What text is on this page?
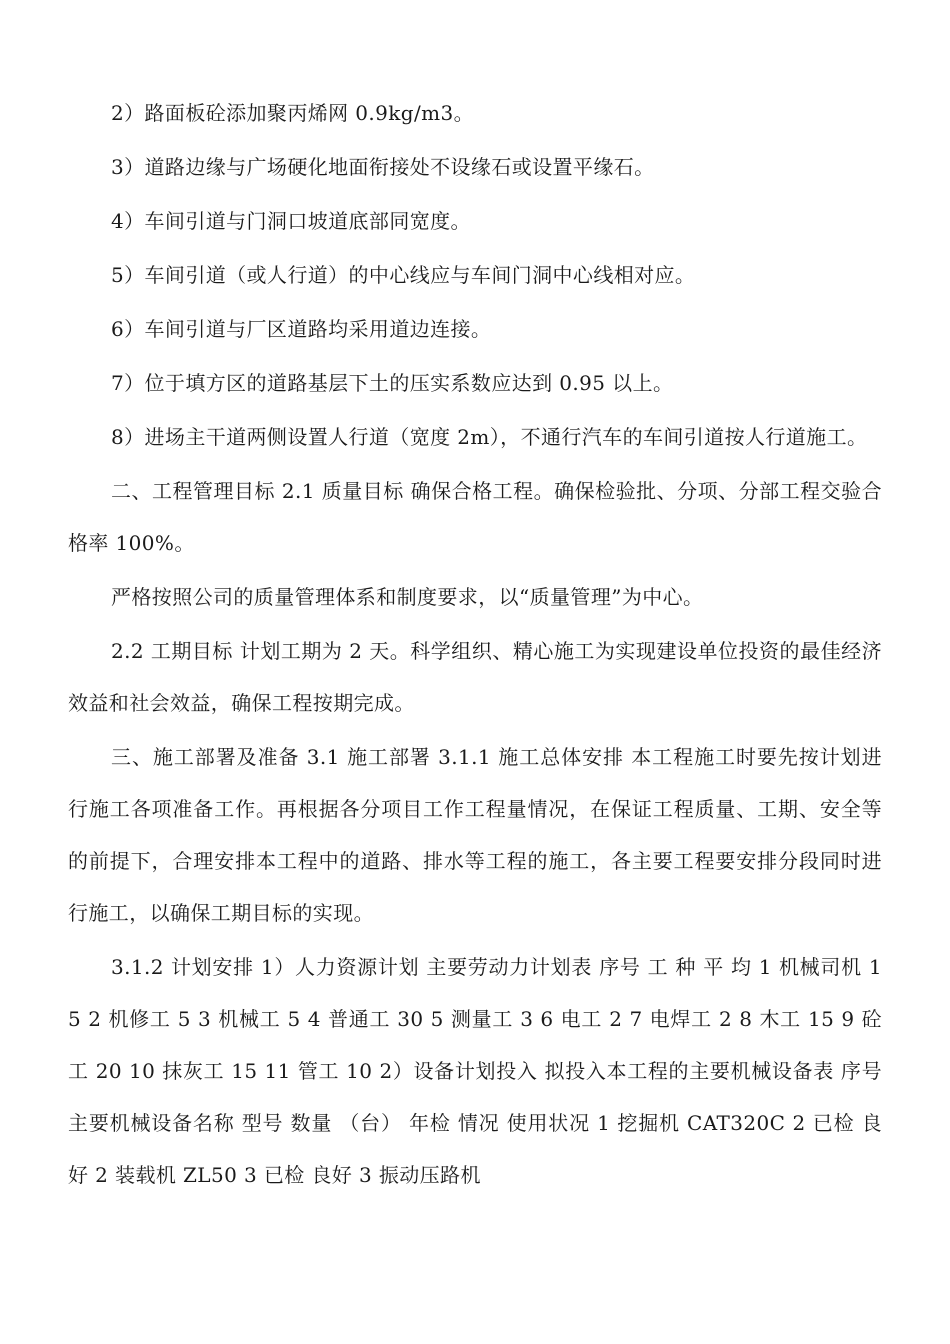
2）路面板砼添加聚丙烯网 0.9kg/m3。

3）道路边缘与广场硬化地面衔接处不设缘石或设置平缘石。

4）车间引道与门洞口坡道底部同宽度。

5）车间引道（或人行道）的中心线应与车间门洞中心线相对应。

6）车间引道与厂区道路均采用道边连接。

7）位于填方区的道路基层下土的压实系数应达到 0.95 以上。

8）进场主干道两侧设置人行道（宽度 2m），不通行汽车的车间引道按人行道施工。

二、工程管理目标 2.1 质量目标 确保合格工程。确保检验批、分项、分部工程交验合格率 100%。

严格按照公司的质量管理体系和制度要求，以“质量管理”为中心。

2.2 工期目标 计划工期为 2 天。科学组织、精心施工为实现建设单位投资的最佳经济效益和社会效益，确保工程按期完成。

三、施工部署及准备 3.1 施工部署 3.1.1 施工总体安排 本工程施工时要先按计划进行施工各项准备工作。再根据各分项目工作工程量情况，在保证工程质量、工期、安全等的前提下，合理安排本工程中的道路、排水等工程的施工，各主要工程要安排分段同时进行施工，以确保工期目标的实现。

3.1.2 计划安排 1）人力资源计划 主要劳动力计划表 序号 工 种 平 均 1 机械司机 15 2 机修工 5 3 机械工 5 4 普通工 30 5 测量工 3 6 电工 2 7 电焊工 2 8 木工 15 9 砼工 20 10 抹灰工 15 11 管工 10 2）设备计划投入 拟投入本工程的主要机械设备表 序号 主要机械设备名称 型号 数量 （台） 年检 情况 使用状况 1 挖掘机 CAT320C 2 已检 良好 2 装载机 ZL50 3 已检 良好 3 振动压路机
